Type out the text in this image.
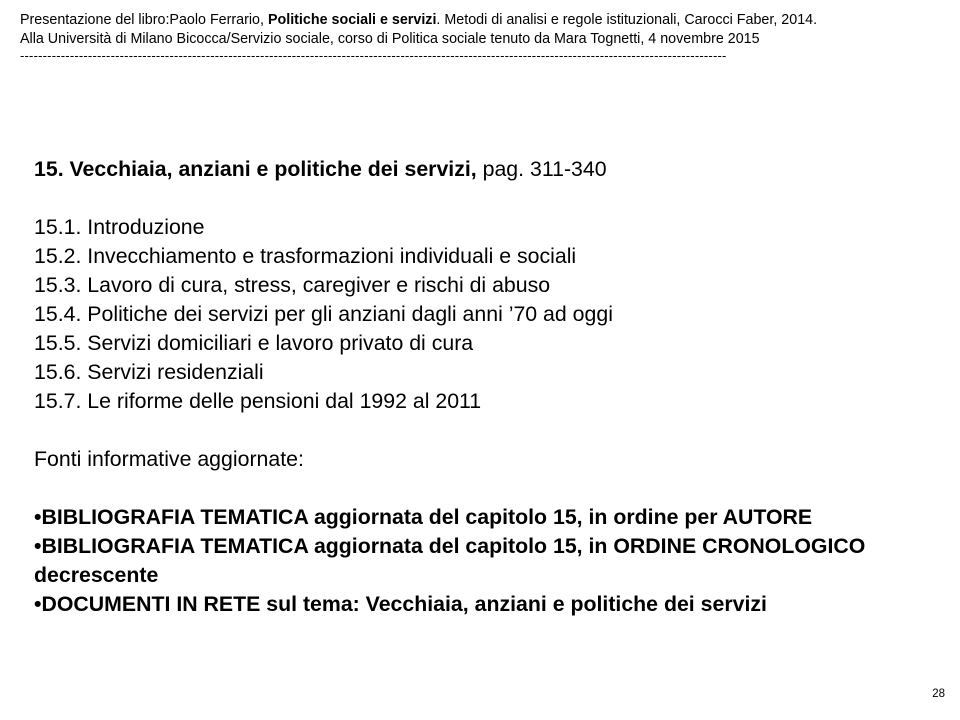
Presentazione del libro:Paolo Ferrario, Politiche sociali e servizi. Metodi di analisi e regole istituzionali, Carocci Faber, 2014.
Alla Università di Milano Bicocca/Servizio sociale, corso di Politica sociale tenuto da Mara Tognetti, 4 novembre 2015
------------------------------------------------------------------------------------------------------------------------------------------------------------
15. Vecchiaia, anziani e politiche dei servizi, pag. 311-340
15.1. Introduzione
15.2. Invecchiamento e trasformazioni individuali e sociali
15.3. Lavoro di cura, stress, caregiver e rischi di abuso
15.4. Politiche dei servizi per gli anziani dagli anni ’70 ad oggi
15.5. Servizi domiciliari e lavoro privato di cura
15.6. Servizi residenziali
15.7. Le riforme delle pensioni dal 1992 al 2011
Fonti informative aggiornate:
•BIBLIOGRAFIA TEMATICA aggiornata del capitolo 15, in ordine per AUTORE
•BIBLIOGRAFIA TEMATICA aggiornata del capitolo 15, in ORDINE CRONOLOGICO decrescente
•DOCUMENTI IN RETE sul tema: Vecchiaia, anziani e politiche dei servizi
28
